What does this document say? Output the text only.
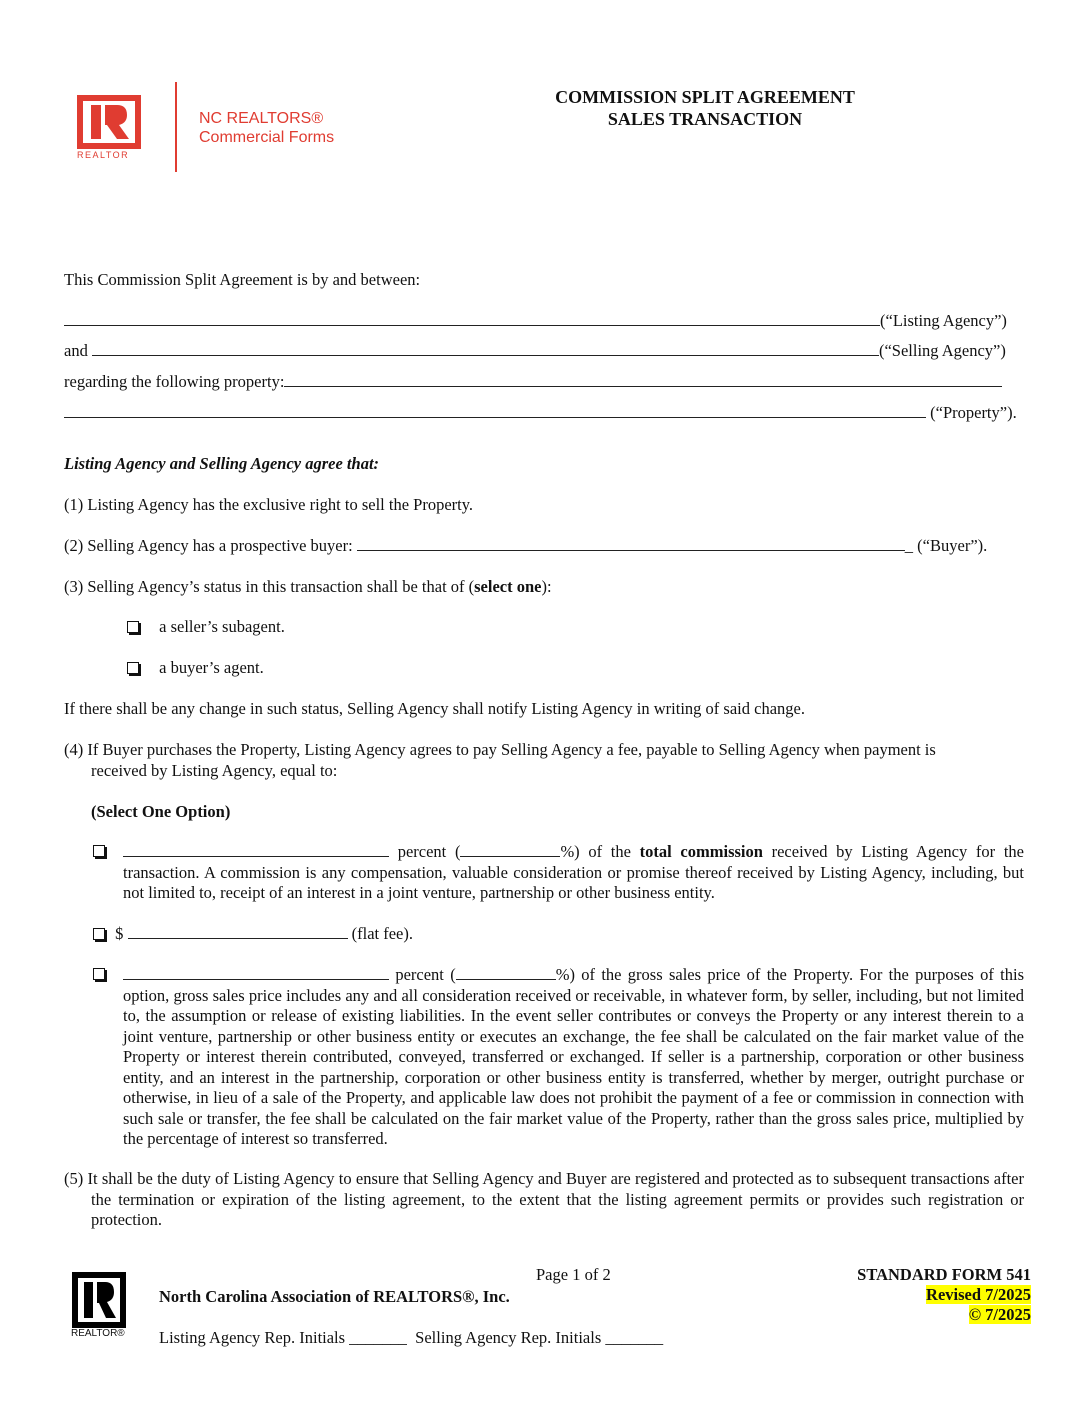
REALTOR
NC REALTORS®
Commercial Forms
COMMISSION SPLIT AGREEMENT
SALES TRANSACTION
This Commission Split Agreement is by and between:
(“Listing Agency”)
and	(“Selling Agency”)
regarding the following property:
(“Property”).
Listing Agency and Selling Agency agree that:
(1) Listing Agency has the exclusive right to sell the Property.
(2) Selling Agency has a prospective buyer:	_ (“Buyer”).
(3) Selling Agency’s status in this transaction shall be that of (select one):
a seller’s subagent.
a buyer’s agent.
If there shall be any change in such status, Selling Agency shall notify Listing Agency in writing of said change.
(4) If Buyer purchases the Property, Listing Agency agrees to pay Selling Agency a fee, payable to Selling Agency when payment is
received by Listing Agency, equal to:
(Select One Option)
percent (	%) of the total commission received by Listing Agency for the transaction. A commission is any compensation, valuable consideration or promise thereof received by Listing Agency, including, but not limited to, receipt of an interest in a joint venture, partnership or other business entity.
$	(flat fee).
percent (	%) of the gross sales price of the Property. For the purposes of this option, gross sales price includes any and all consideration received or receivable, in whatever form, by seller, including, but not limited to, the assumption or release of existing liabilities. In the event seller contributes or conveys the Property or any interest therein to a joint venture, partnership or other business entity or executes an exchange, the fee shall be calculated on the fair market value of the Property or interest therein contributed, conveyed, transferred or exchanged. If seller is a partnership, corporation or other business entity, and an interest in the partnership, corporation or other business entity is transferred, whether by merger, outright purchase or otherwise, in lieu of a sale of the Property, and applicable law does not prohibit the payment of a fee or commission in connection with such sale or transfer, the fee shall be calculated on the fair market value of the Property, rather than the gross sales price, multiplied by the percentage of interest so transferred.
(5) It shall be the duty of Listing Agency to ensure that Selling Agency and Buyer are registered and protected as to subsequent transactions after the termination or expiration of the listing agreement, to the extent that the listing agreement permits or provides such registration or protection.
REALTOR®
Page 1 of 2
North Carolina Association of REALTORS®, Inc.
Listing Agency Rep. Initials _______  Selling Agency Rep. Initials _______
STANDARD FORM 541
Revised 7/2025
© 7/2025
